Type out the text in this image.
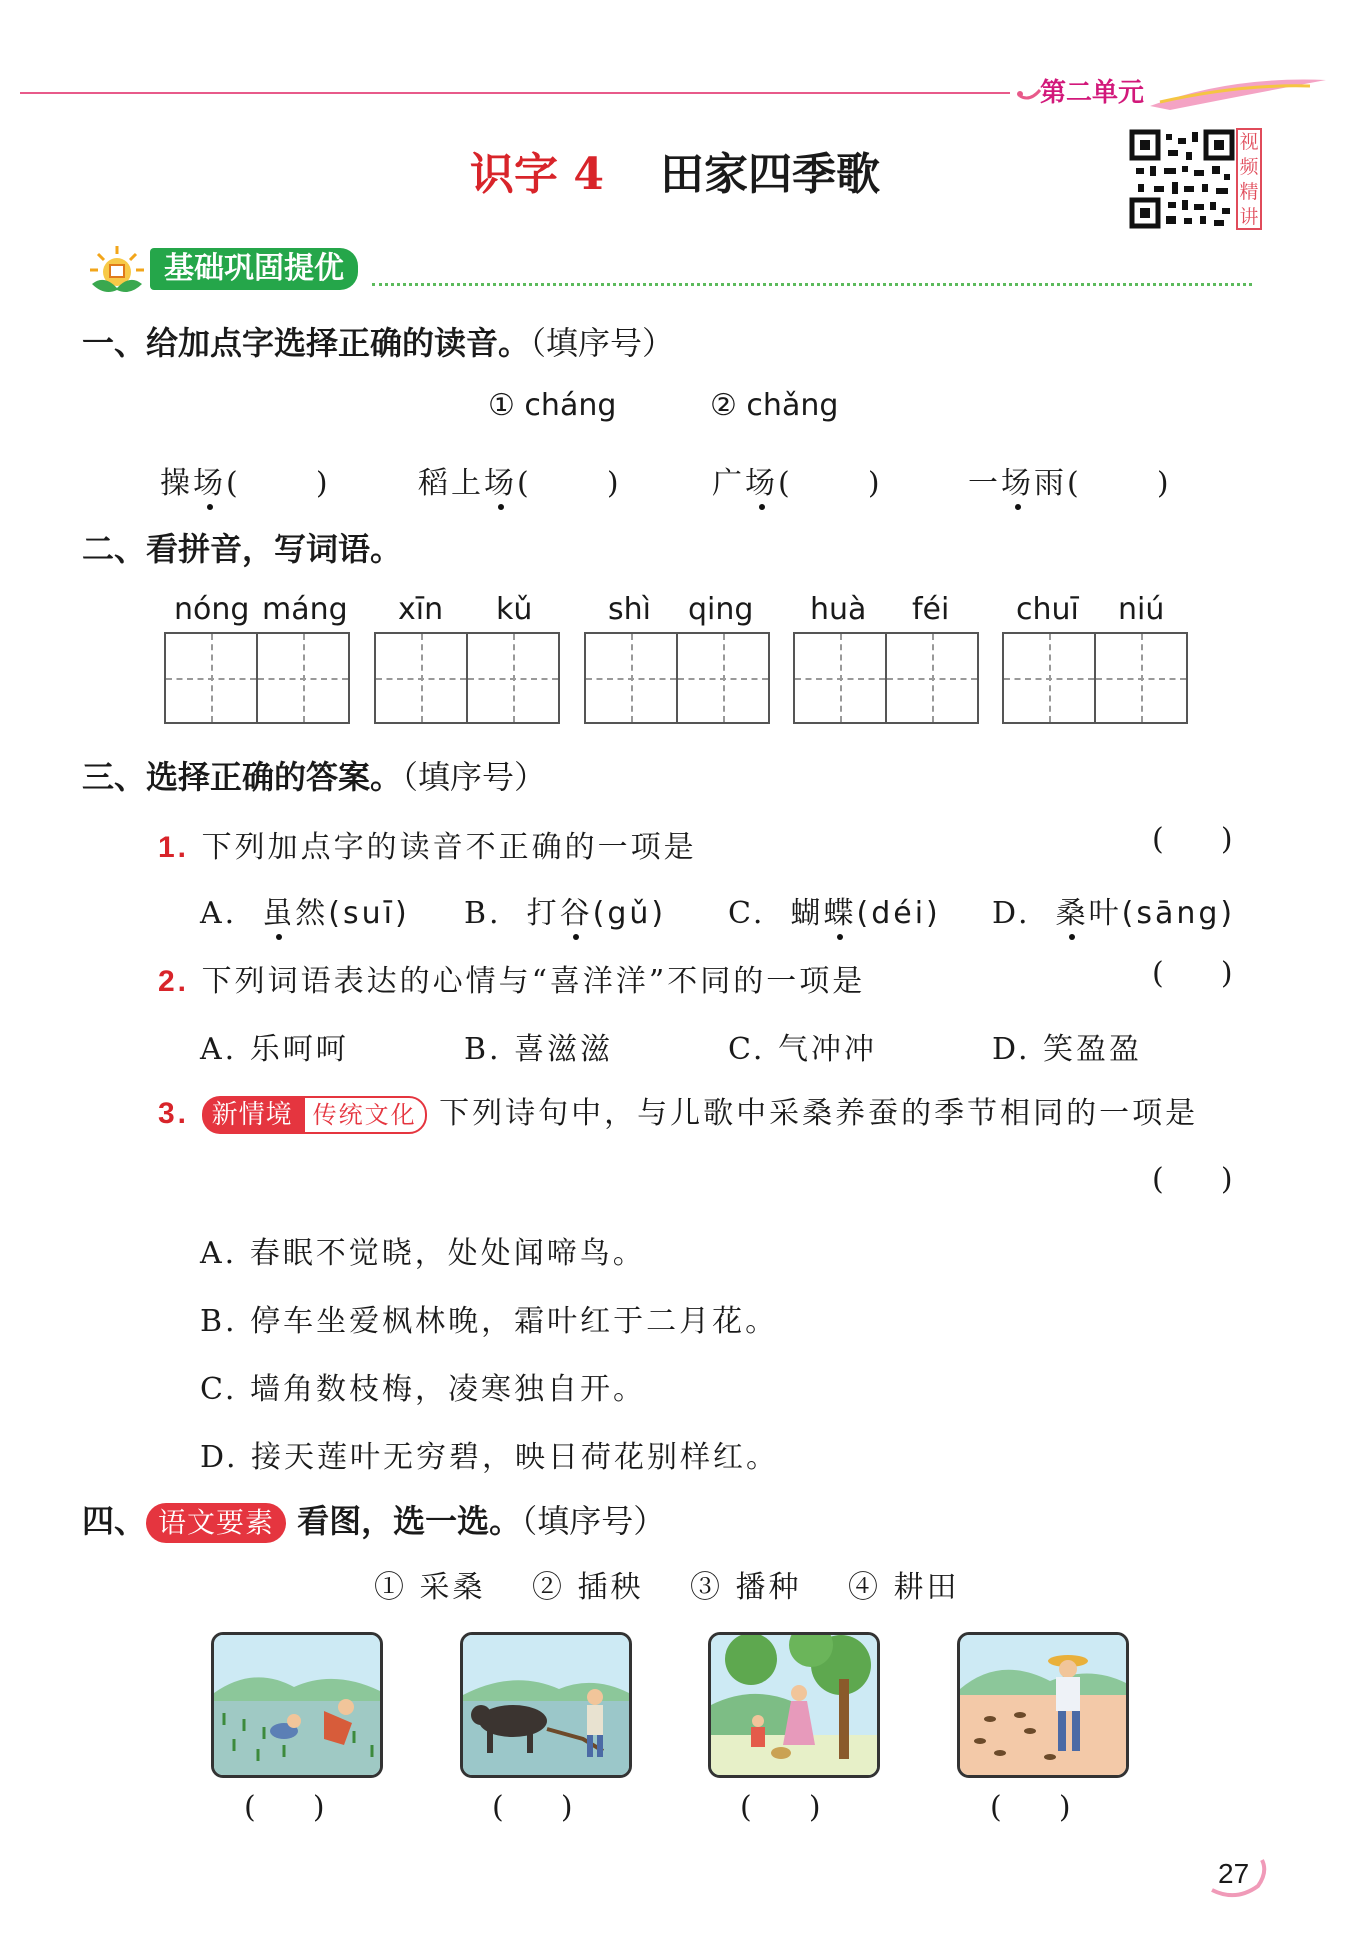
第二单元
识字 4 田家四季歌
视频精讲
基础巩固提优
一、给加点字选择正确的读音。（填序号）
① cháng	② chǎng
操场(      )	稻上场(      )	广场(      )	一场雨(      )
二、看拼音，写词语。
nóng máng xīn kǔ	shì qing huà féi chuī niú
三、选择正确的答案。（填序号）
1. 下列加点字的读音不正确的一项是	(      )
A. 虽然(suī) B. 打谷(gǔ) C. 蝴蝶(déi) D. 桑叶(sāng)
2. 下列词语表达的心情与“喜洋洋”不同的一项是	(      )
A. 乐呵呵	B. 喜滋滋	C. 气冲冲	D. 笑盈盈
3. 新情境 传统文化 下列诗句中，与儿歌中采桑养蚕的季节相同的一项是
(      )
A. 春眠不觉晓，处处闻啼鸟。
B. 停车坐爱枫林晚，霜叶红于二月花。
C. 墙角数枝梅，凌寒独自开。
D. 接天莲叶无穷碧，映日荷花别样红。
四、 语文要素 看图，选一选。（填序号）
① 采桑 ② 插秧 ③ 播种 ④ 耕田
(      )	(      )	(      )	(      )
27
